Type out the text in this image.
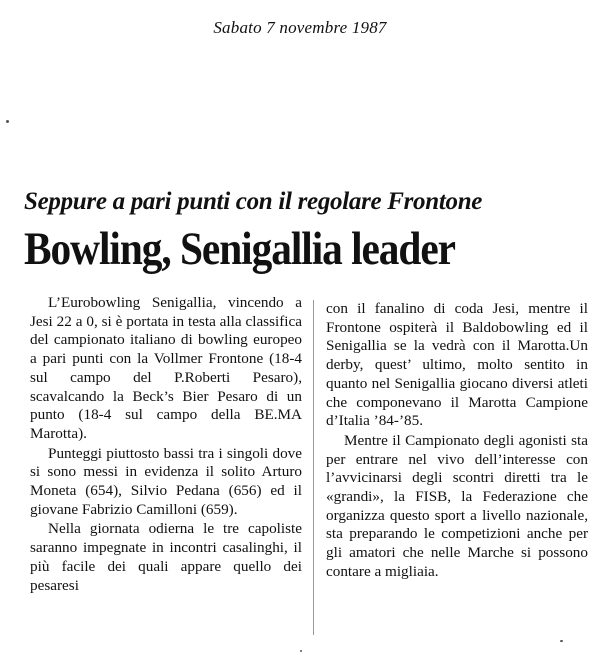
Sabato 7 novembre 1987
Seppure a pari punti con il regolare Frontone
Bowling, Senigallia leader

L’Eurobowling Senigallia, vincendo a Jesi 22 a 0, si è portata in testa alla classifica del campionato italiano di bowling europeo a pari punti con la Vollmer Frontone (18-4 sul campo del P.Roberti Pesaro), scavalcando la Beck’s Bier Pesaro di un punto (18-4 sul campo della BE.MA Marotta).

Punteggi piuttosto bassi tra i singoli dove si sono messi in evidenza il solito Arturo Moneta (654), Silvio Pedana (656) ed il giovane Fabrizio Camilloni (659).

Nella giornata odierna le tre capoliste saranno impegnate in incontri casalinghi, il più facile dei quali appare quello dei pesaresi

con il fanalino di coda Jesi, mentre il Frontone ospiterà il Baldobowling ed il Senigallia se la vedrà con il Marotta.Un derby, quest’ ultimo, molto sentito in quanto nel Senigallia giocano diversi atleti che componevano il Marotta Campione d’Italia ’84-’85.

Mentre il Campionato degli agonisti sta per entrare nel vivo dell’interesse con l’avvicinarsi degli scontri diretti tra le «grandi», la FISB, la Federazione che organizza questo sport a livello nazionale, sta preparando le competizioni anche per gli amatori che nelle Marche si possono contare a migliaia.
